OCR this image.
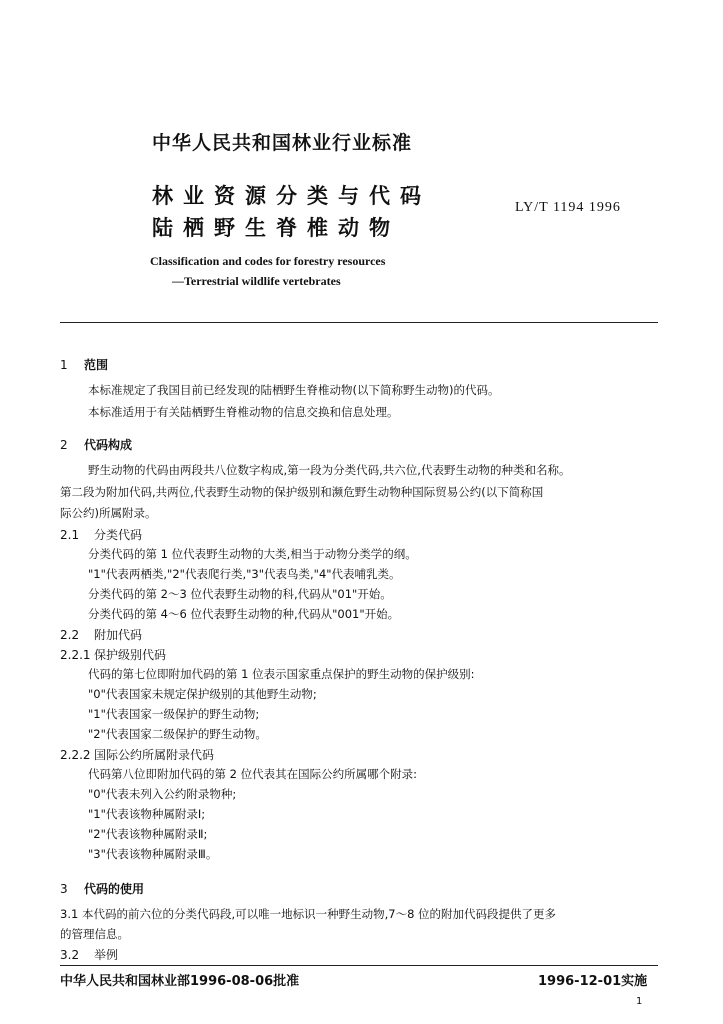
中华人民共和国林业行业标准
林业资源分类与代码
陆栖野生脊椎动物
LY/T 1194 1996
Classification and codes for forestry resources
—Terrestrial wildlife vertebrates
1 范围
本标准规定了我国目前已经发现的陆栖野生脊椎动物(以下简称野生动物)的代码。
本标准适用于有关陆栖野生脊椎动物的信息交换和信息处理。
2 代码构成
野生动物的代码由两段共八位数字构成,第一段为分类代码,共六位,代表野生动物的种类和名称。
第二段为附加代码,共两位,代表野生动物的保护级别和濒危野生动物种国际贸易公约(以下简称国
际公约)所属附录。
2.1 分类代码
分类代码的第 1 位代表野生动物的大类,相当于动物分类学的纲。
"1"代表两栖类,"2"代表爬行类,"3"代表鸟类,"4"代表哺乳类。
分类代码的第 2～3 位代表野生动物的科,代码从"01"开始。
分类代码的第 4～6 位代表野生动物的种,代码从"001"开始。
2.2 附加代码
2.2.1 保护级别代码
代码的第七位即附加代码的第 1 位表示国家重点保护的野生动物的保护级别:
"0"代表国家未规定保护级别的其他野生动物;
"1"代表国家一级保护的野生动物;
"2"代表国家二级保护的野生动物。
2.2.2 国际公约所属附录代码
代码第八位即附加代码的第 2 位代表其在国际公约所属哪个附录:
"0"代表未列入公约附录物种;
"1"代表该物种属附录Ⅰ;
"2"代表该物种属附录Ⅱ;
"3"代表该物种属附录Ⅲ。
3 代码的使用
3.1 本代码的前六位的分类代码段,可以唯一地标识一种野生动物,7～8 位的附加代码段提供了更多
的管理信息。
3.2 举例
中华人民共和国林业部1996-08-06批准	1996-12-01实施
1
